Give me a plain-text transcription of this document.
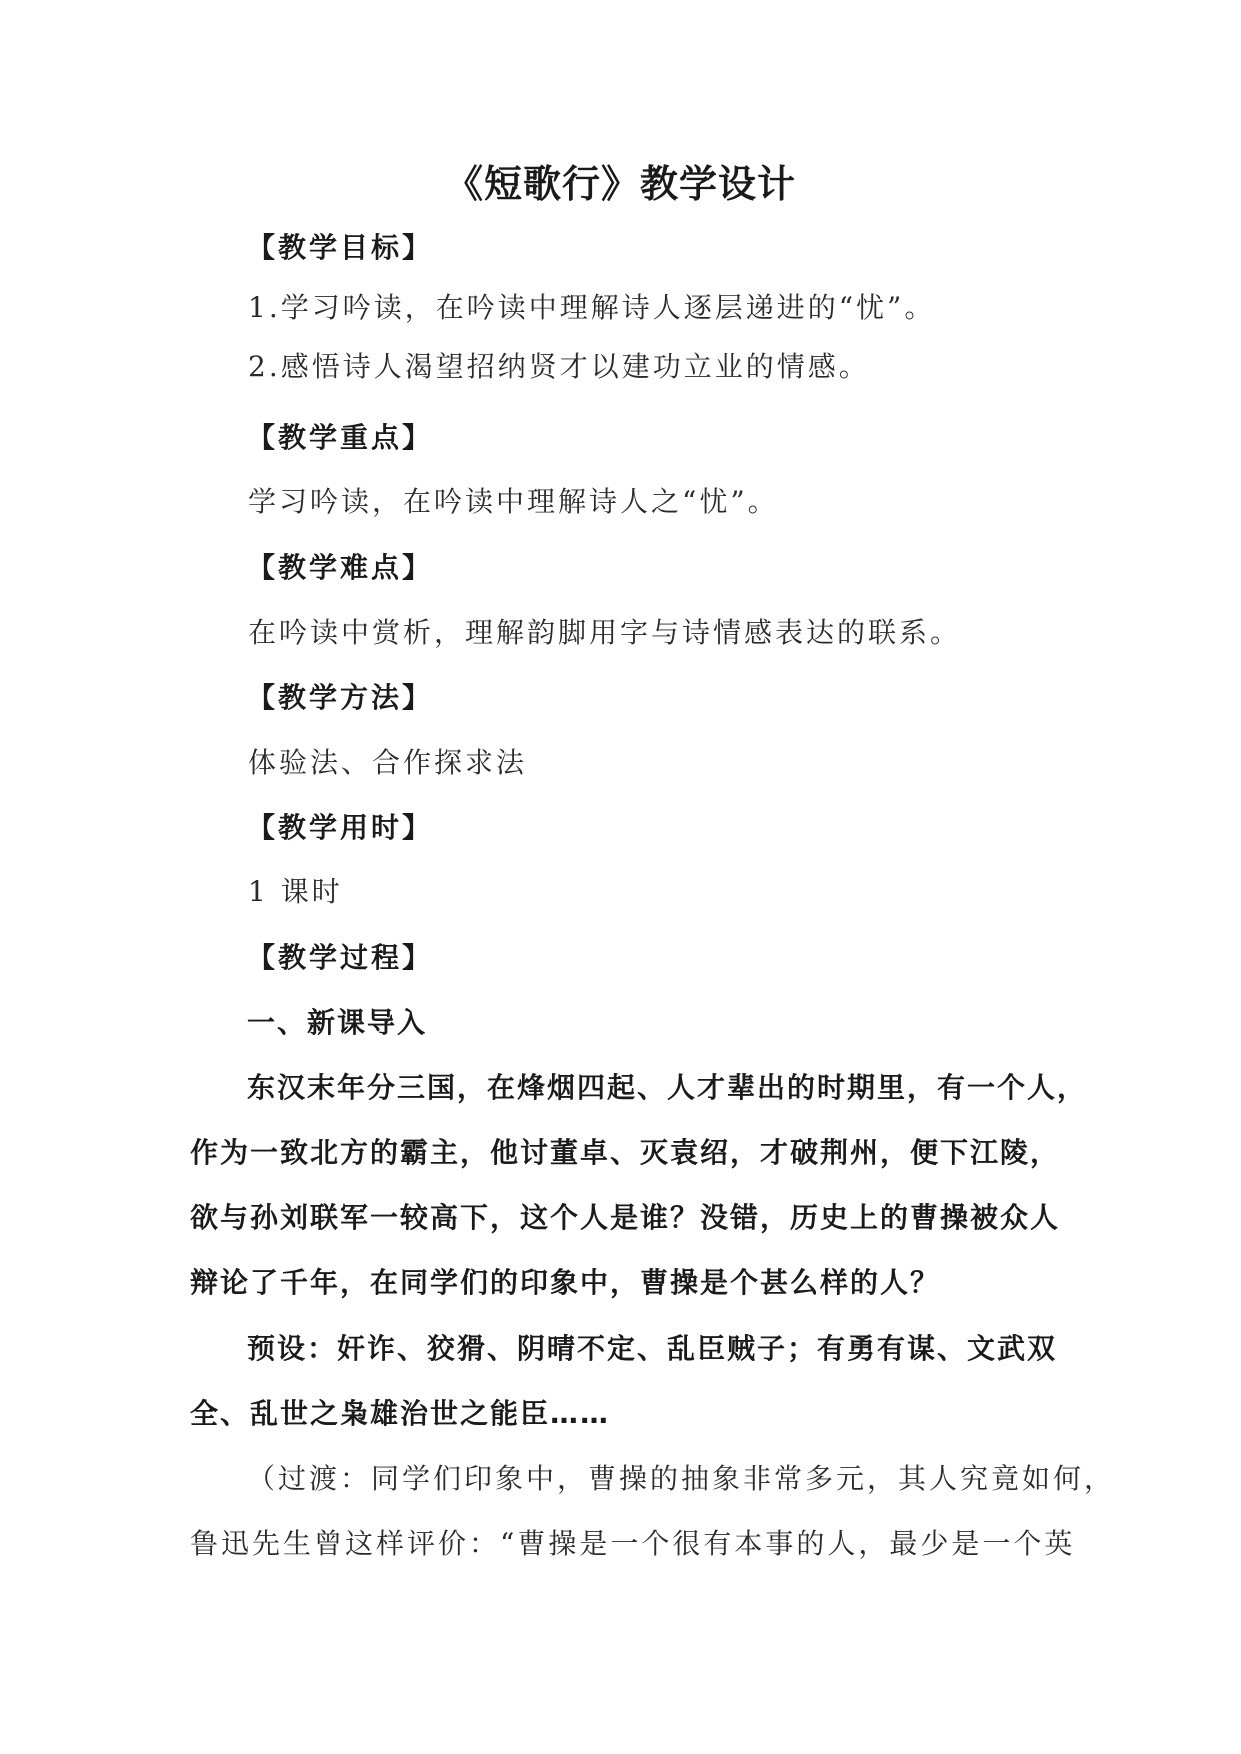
《短歌行》教学设计

【教学目标】

1.学习吟读，在吟读中理解诗人逐层递进的“忧”。

2.感悟诗人渴望招纳贤才以建功立业的情感。

【教学重点】

学习吟读，在吟读中理解诗人之“忧”。

【教学难点】

在吟读中赏析，理解韵脚用字与诗情感表达的联系。

【教学方法】

体验法、合作探求法

【教学用时】

1 课时

【教学过程】

一、新课导入

东汉末年分三国，在烽烟四起、人才辈出的时期里，有一个人，

作为一致北方的霸主，他讨董卓、灭袁绍，才破荆州，便下江陵，

欲与孙刘联军一较高下，这个人是谁？没错，历史上的曹操被众人

辩论了千年，在同学们的印象中，曹操是个甚么样的人？

预设：奸诈、狡猾、阴晴不定、乱臣贼子；有勇有谋、文武双

全、乱世之枭雄治世之能臣……

（过渡：同学们印象中，曹操的抽象非常多元，其人究竟如何，

鲁迅先生曾这样评价：“曹操是一个很有本事的人，最少是一个英
